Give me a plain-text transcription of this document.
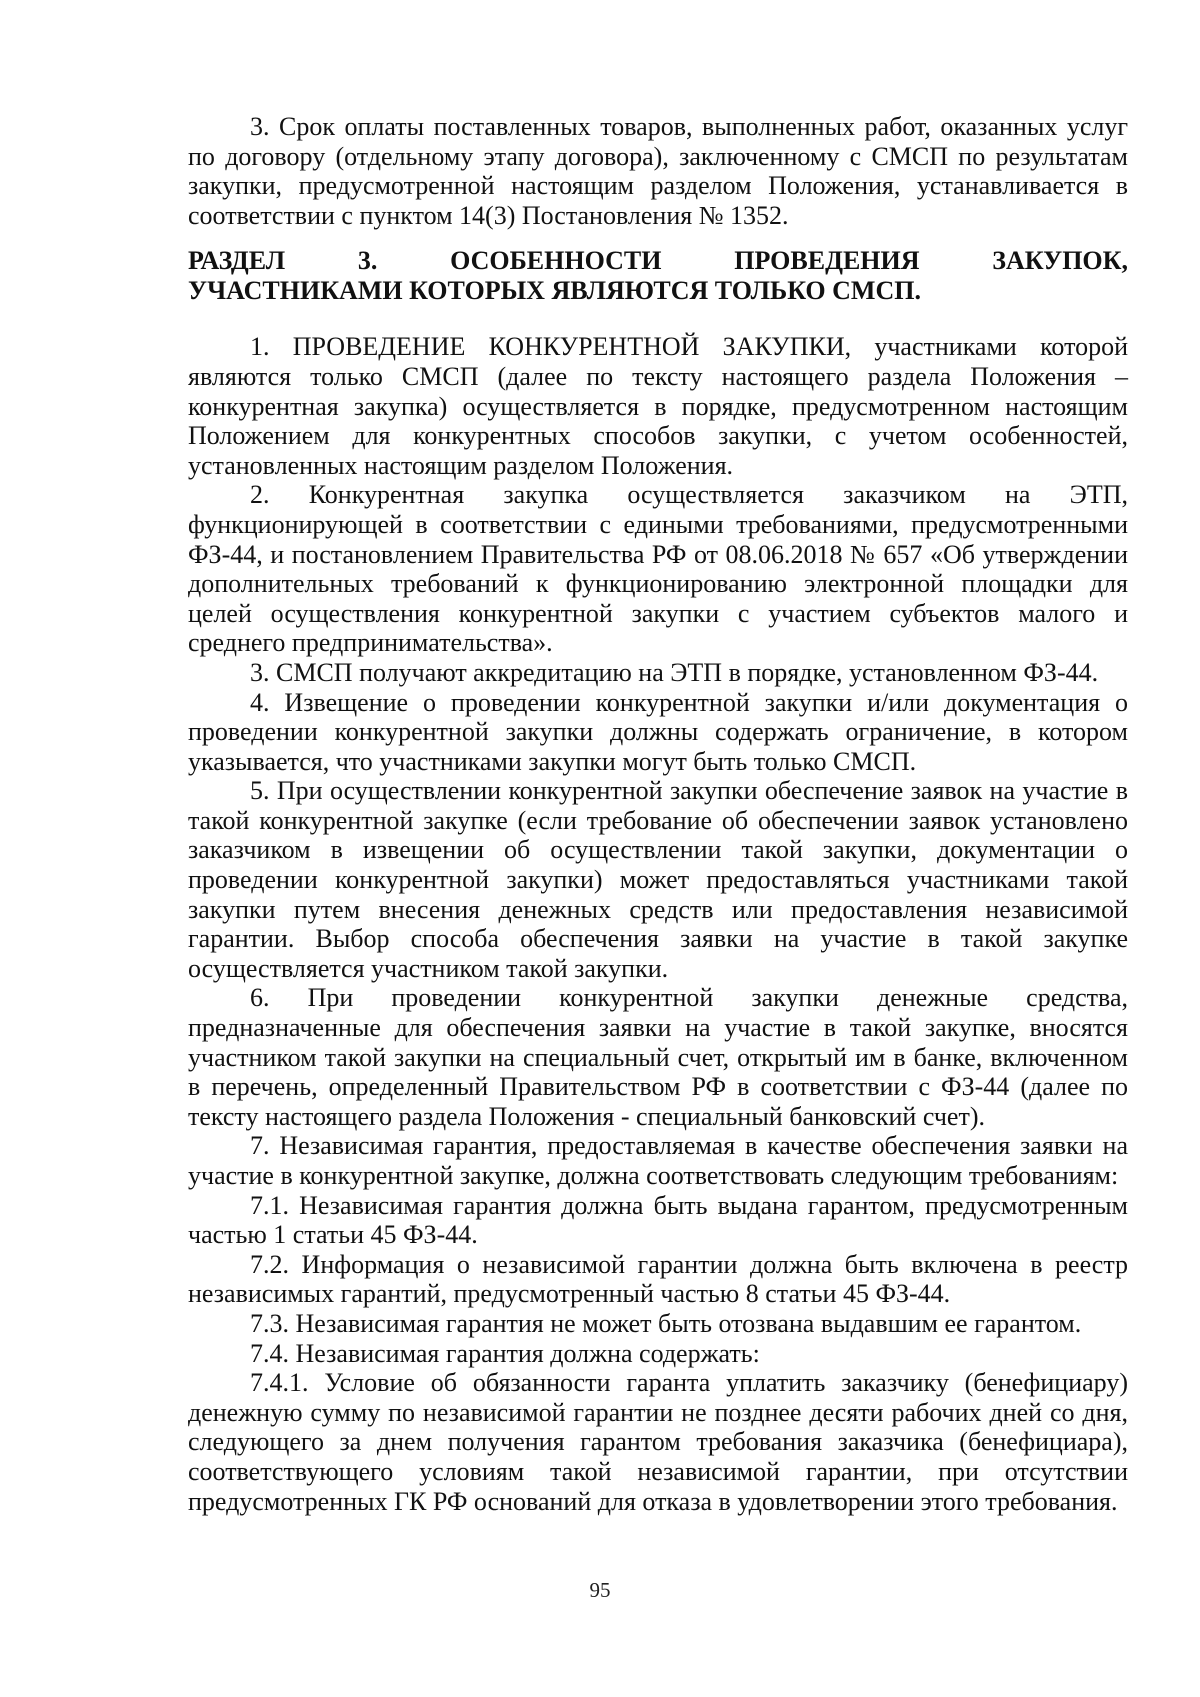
3. Срок оплаты поставленных товаров, выполненных работ, оказанных услуг по договору (отдельному этапу договора), заключенному с СМСП по результатам закупки, предусмотренной настоящим разделом Положения, устанавливается в соответствии с пунктом 14(3) Постановления № 1352.

РАЗДЕЛ 3. ОСОБЕННОСТИ ПРОВЕДЕНИЯ ЗАКУПОК,
УЧАСТНИКАМИ КОТОРЫХ ЯВЛЯЮТСЯ ТОЛЬКО СМСП.

1. ПРОВЕДЕНИЕ КОНКУРЕНТНОЙ ЗАКУПКИ, участниками которой являются только СМСП (далее по тексту настоящего раздела Положения – конкурентная закупка) осуществляется в порядке, предусмотренном настоящим Положением для конкурентных способов закупки, с учетом особенностей, установленных настоящим разделом Положения.

2. Конкурентная закупка осуществляется заказчиком на ЭТП, функционирующей в соответствии с едиными требованиями, предусмотренными ФЗ-44, и постановлением Правительства РФ от 08.06.2018 № 657 «Об утверждении дополнительных требований к функционированию электронной площадки для целей осуществления конкурентной закупки с участием субъектов малого и среднего предпринимательства».

3. СМСП получают аккредитацию на ЭТП в порядке, установленном ФЗ-44.

4. Извещение о проведении конкурентной закупки и/или документация о проведении конкурентной закупки должны содержать ограничение, в котором указывается, что участниками закупки могут быть только СМСП.

5. При осуществлении конкурентной закупки обеспечение заявок на участие в такой конкурентной закупке (если требование об обеспечении заявок установлено заказчиком в извещении об осуществлении такой закупки, документации о проведении конкурентной закупки) может предоставляться участниками такой закупки путем внесения денежных средств или предоставления независимой гарантии. Выбор способа обеспечения заявки на участие в такой закупке осуществляется участником такой закупки.

6. При проведении конкурентной закупки денежные средства, предназначенные для обеспечения заявки на участие в такой закупке, вносятся участником такой закупки на специальный счет, открытый им в банке, включенном в перечень, определенный Правительством РФ в соответствии с ФЗ-44 (далее по тексту настоящего раздела Положения - специальный банковский счет).

7. Независимая гарантия, предоставляемая в качестве обеспечения заявки на участие в конкурентной закупке, должна соответствовать следующим требованиям:

7.1. Независимая гарантия должна быть выдана гарантом, предусмотренным частью 1 статьи 45 ФЗ-44.

7.2. Информация о независимой гарантии должна быть включена в реестр независимых гарантий, предусмотренный частью 8 статьи 45 ФЗ-44.

7.3. Независимая гарантия не может быть отозвана выдавшим ее гарантом.

7.4. Независимая гарантия должна содержать:

7.4.1. Условие об обязанности гаранта уплатить заказчику (бенефициару) денежную сумму по независимой гарантии не позднее десяти рабочих дней со дня, следующего за днем получения гарантом требования заказчика (бенефициара), соответствующего условиям такой независимой гарантии, при отсутствии предусмотренных ГК РФ оснований для отказа в удовлетворении этого требования.

95
